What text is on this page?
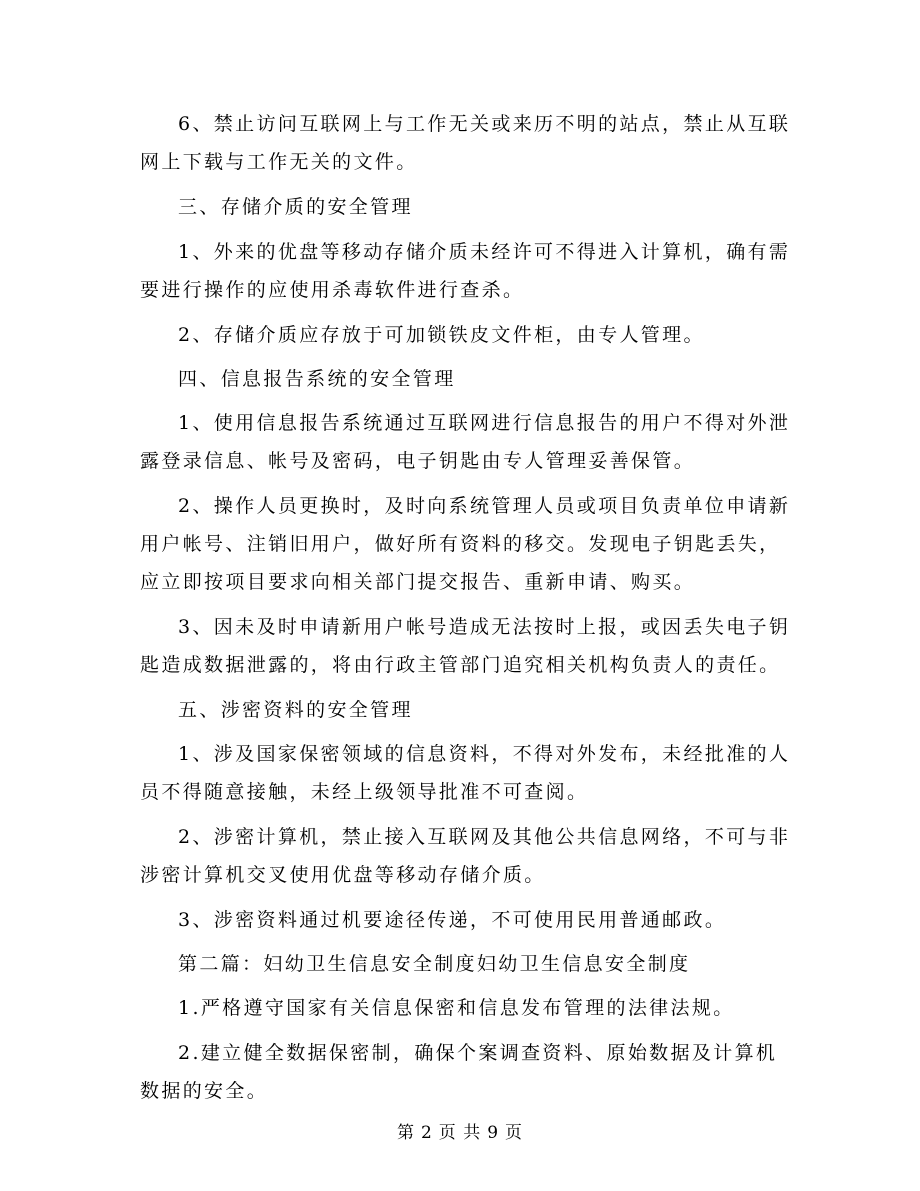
6、禁止访问互联网上与工作无关或来历不明的站点，禁止从互联
网上下载与工作无关的文件。
三、存储介质的安全管理
1、外来的优盘等移动存储介质未经许可不得进入计算机，确有需
要进行操作的应使用杀毒软件进行查杀。
2、存储介质应存放于可加锁铁皮文件柜，由专人管理。
四、信息报告系统的安全管理
1、使用信息报告系统通过互联网进行信息报告的用户不得对外泄
露登录信息、帐号及密码，电子钥匙由专人管理妥善保管。
2、操作人员更换时，及时向系统管理人员或项目负责单位申请新
用户帐号、注销旧用户，做好所有资料的移交。发现电子钥匙丢失，
应立即按项目要求向相关部门提交报告、重新申请、购买。
3、因未及时申请新用户帐号造成无法按时上报，或因丢失电子钥
匙造成数据泄露的，将由行政主管部门追究相关机构负责人的责任。
五、涉密资料的安全管理
1、涉及国家保密领域的信息资料，不得对外发布，未经批准的人
员不得随意接触，未经上级领导批准不可查阅。
2、涉密计算机，禁止接入互联网及其他公共信息网络，不可与非
涉密计算机交叉使用优盘等移动存储介质。
3、涉密资料通过机要途径传递，不可使用民用普通邮政。
第二篇：妇幼卫生信息安全制度妇幼卫生信息安全制度
1.严格遵守国家有关信息保密和信息发布管理的法律法规。
2.建立健全数据保密制，确保个案调查资料、原始数据及计算机
数据的安全。
第 2 页 共 9 页
